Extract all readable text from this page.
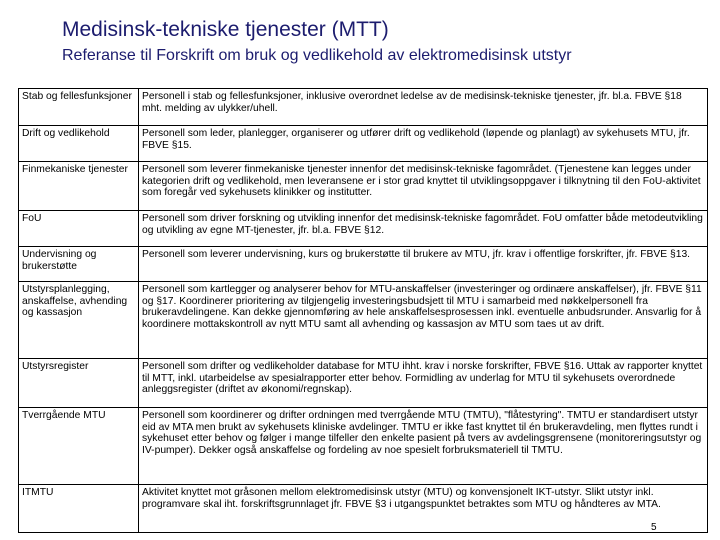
Medisinsk-tekniske tjenester (MTT)
Referanse til Forskrift om bruk og vedlikehold av elektromedisinsk utstyr
Stab og fellesfunksjoner	Personell i stab og fellesfunksjoner, inklusive overordnet ledelse av de medisinsk-tekniske tjenester, jfr. bl.a. FBVE §18 mht. melding av ulykker/uhell.
Drift og vedlikehold	Personell som leder, planlegger, organiserer og utfører drift og vedlikehold (løpende og planlagt) av sykehusets MTU, jfr. FBVE §15.
Finmekaniske tjenester	Personell som leverer finmekaniske tjenester innenfor det medisinsk-tekniske fagområdet. (Tjenestene kan legges under kategorien drift og vedlikehold, men leveransene er i stor grad knyttet til utviklingsoppgaver i tilknytning til den FoU-aktivitet som foregår ved sykehusets klinikker og institutter.
FoU	Personell som driver forskning og utvikling innenfor det medisinsk-tekniske fagområdet. FoU omfatter både metodeutvikling og utvikling av egne MT-tjenester, jfr. bl.a. FBVE §12.
Undervisning og brukerstøtte	Personell som leverer undervisning, kurs og brukerstøtte til brukere av MTU, jfr. krav i offentlige forskrifter, jfr. FBVE §13.
Utstyrsplanlegging, anskaffelse, avhending og kassasjon	Personell som kartlegger og analyserer behov for MTU-anskaffelser (investeringer og ordinære anskaffelser), jfr. FBVE §11 og §17. Koordinerer prioritering av tilgjengelig investeringsbudsjett til MTU i samarbeid med nøkkelpersonell fra brukeravdelingene. Kan dekke gjennomføring av hele anskaffelsesprosessen inkl. eventuelle anbudsrunder. Ansvarlig for å koordinere mottakskontroll av nytt MTU samt all avhending og kassasjon av MTU som taes ut av drift.
Utstyrsregister	Personell som drifter og vedlikeholder database for MTU ihht. krav i norske forskrifter, FBVE §16. Uttak av rapporter knyttet til MTT, inkl. utarbeidelse av spesialrapporter etter behov. Formidling av underlag for MTU til sykehusets overordnede anleggsregister (driftet av økonomi/regnskap).
Tverrgående MTU	Personell som koordinerer og drifter ordningen med tverrgående MTU (TMTU), "flåtestyring". TMTU er standardisert utstyr eid av MTA men brukt av sykehusets kliniske avdelinger. TMTU er ikke fast knyttet til én brukeravdeling, men flyttes rundt i sykehuset etter behov og følger i mange tilfeller den enkelte pasient på tvers av avdelingsgrensene (monitoreringsutstyr og IV-pumper). Dekker også anskaffelse og fordeling av noe spesielt forbruksmateriell til TMTU.
ITMTU	Aktivitet knyttet mot gråsonen mellom elektromedisinsk utstyr (MTU) og konvensjonelt IKT-utstyr. Slikt utstyr inkl. programvare skal iht. forskriftsgrunnlaget jfr. FBVE §3 i utgangspunktet betraktes som MTU og håndteres av MTA.
5
